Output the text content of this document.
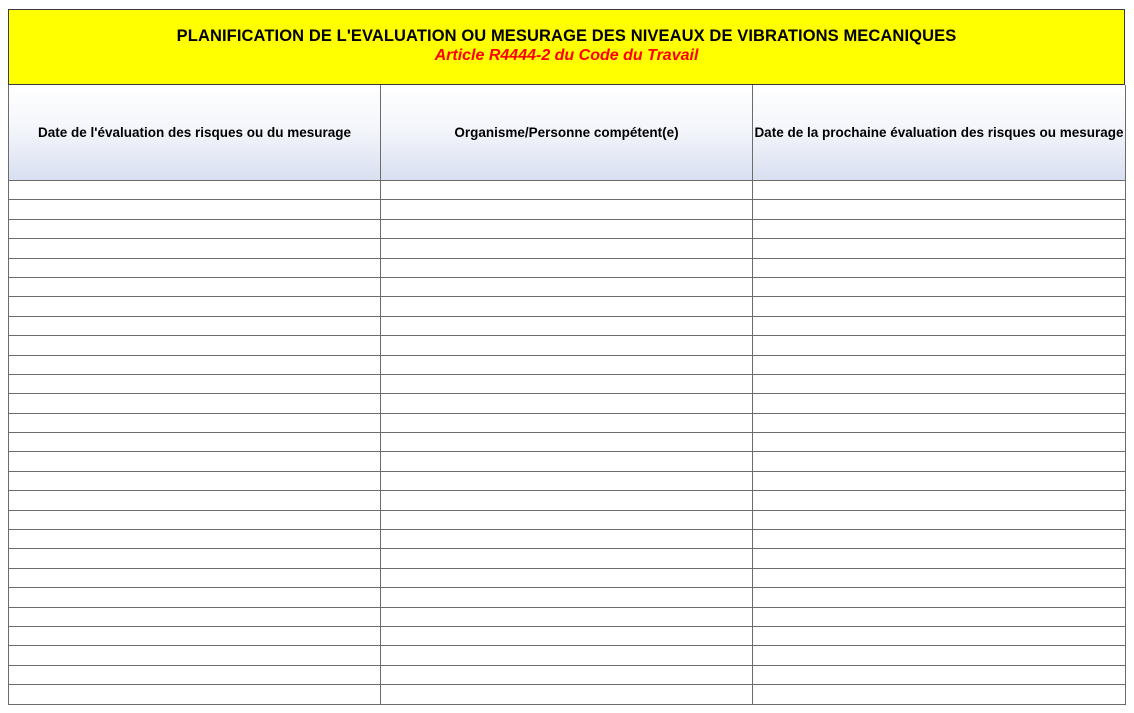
PLANIFICATION DE L'EVALUATION OU MESURAGE DES NIVEAUX DE VIBRATIONS MECANIQUES
Article R4444-2 du Code du Travail
Date de l'évaluation des risques ou du mesurage	Organisme/Personne compétent(e)	Date de la prochaine évaluation des risques ou mesurage
